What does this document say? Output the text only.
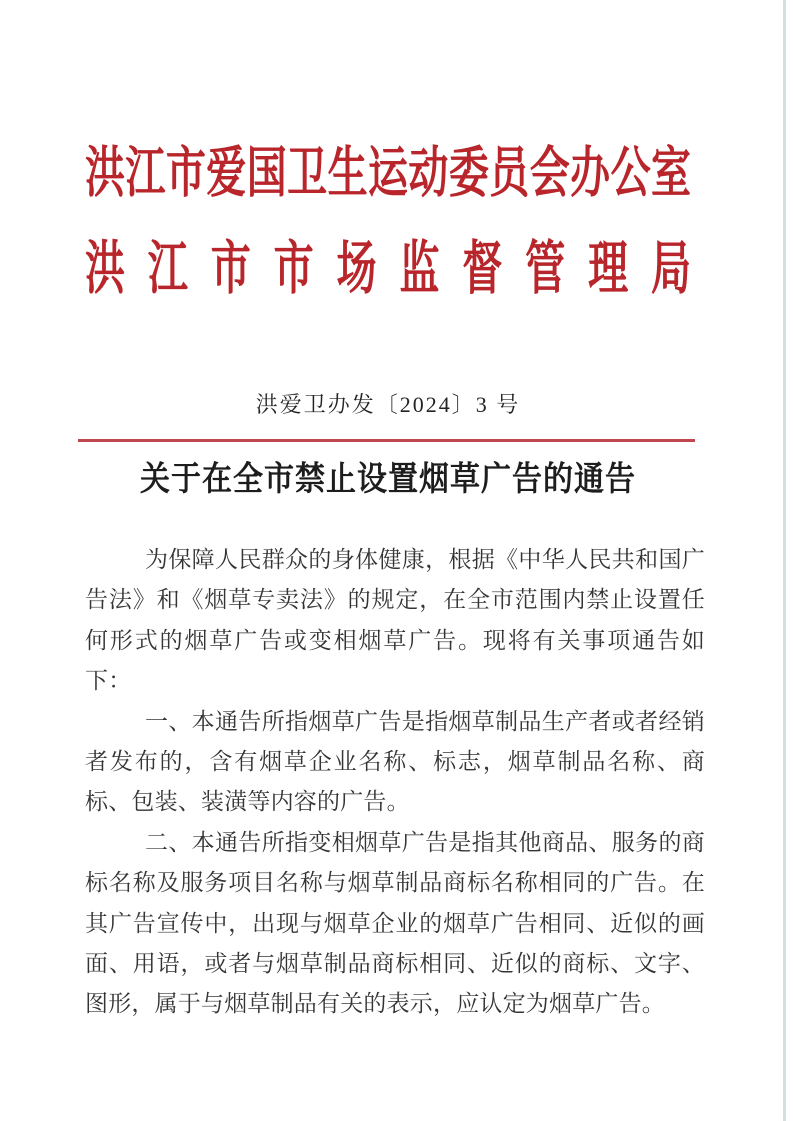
洪江市爱国卫生运动委员会办公室
洪江市市场监督管理局
洪爱卫办发〔2024〕3 号
关于在全市禁止设置烟草广告的通告

为保障人民群众的身体健康，根据《中华人民共和国广告法》和《烟草专卖法》的规定，在全市范围内禁止设置任何形式的烟草广告或变相烟草广告。现将有关事项通告如下：

一、本通告所指烟草广告是指烟草制品生产者或者经销者发布的，含有烟草企业名称、标志，烟草制品名称、商标、包装、装潢等内容的广告。

二、本通告所指变相烟草广告是指其他商品、服务的商标名称及服务项目名称与烟草制品商标名称相同的广告。在其广告宣传中，出现与烟草企业的烟草广告相同、近似的画面、用语，或者与烟草制品商标相同、近似的商标、文字、图形，属于与烟草制品有关的表示，应认定为烟草广告。
